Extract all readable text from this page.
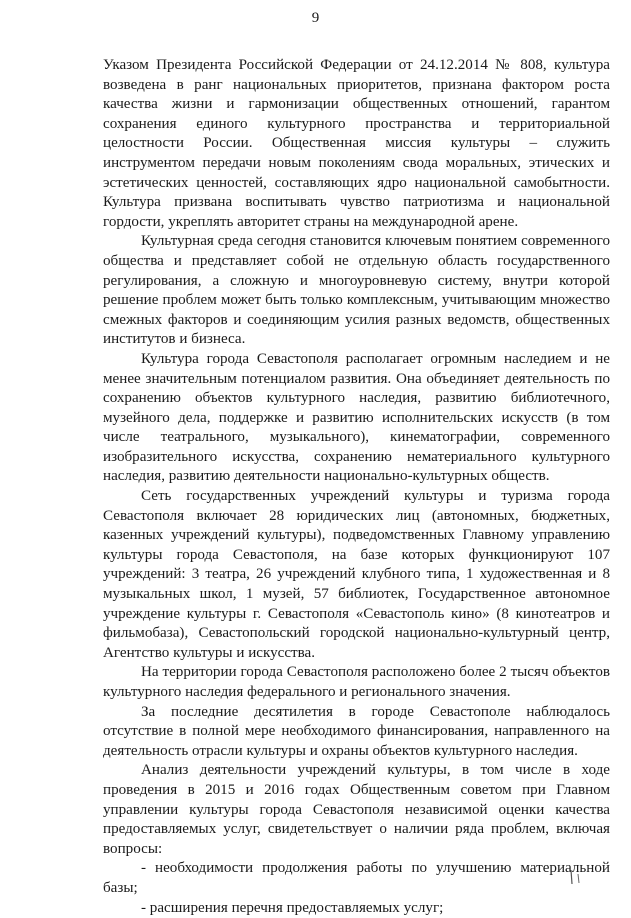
9

Указом Президента Российской Федерации от 24.12.2014 № 808, культура возведена в ранг национальных приоритетов, признана фактором роста качества жизни и гармонизации общественных отношений, гарантом сохранения единого культурного пространства и территориальной целостности России. Общественная миссия культуры – служить инструментом передачи новым поколениям свода моральных, этических и эстетических ценностей, составляющих ядро национальной самобытности. Культура призвана воспитывать чувство патриотизма и национальной гордости, укреплять авторитет страны на международной арене.

Культурная среда сегодня становится ключевым понятием современного общества и представляет собой не отдельную область государственного регулирования, а сложную и многоуровневую систему, внутри которой решение проблем может быть только комплексным, учитывающим множество смежных факторов и соединяющим усилия разных ведомств, общественных институтов и бизнеса.

Культура города Севастополя располагает огромным наследием и не менее значительным потенциалом развития. Она объединяет деятельность по сохранению объектов культурного наследия, развитию библиотечного, музейного дела, поддержке и развитию исполнительских искусств (в том числе театрального, музыкального), кинематографии, современного изобразительного искусства, сохранению нематериального культурного наследия, развитию деятельности национально-культурных обществ.

Сеть государственных учреждений культуры и туризма города Севастополя включает 28 юридических лиц (автономных, бюджетных, казенных учреждений культуры), подведомственных Главному управлению культуры города Севастополя, на базе которых функционируют 107 учреждений: 3 театра, 26 учреждений клубного типа, 1 художественная и 8 музыкальных школ, 1 музей, 57 библиотек, Государственное автономное учреждение культуры г. Севастополя «Севастополь кино» (8 кинотеатров и фильмобаза), Севастопольский городской национально-культурный центр, Агентство культуры и искусства.

На территории города Севастополя расположено более 2 тысяч объектов культурного наследия федерального и регионального значения.

За последние десятилетия в городе Севастополе наблюдалось отсутствие в полной мере необходимого финансирования, направленного на деятельность отрасли культуры и охраны объектов культурного наследия.

Анализ деятельности учреждений культуры, в том числе в ходе проведения в 2015 и 2016 годах Общественным советом при Главном управлении культуры города Севастополя независимой оценки качества предоставляемых услуг, свидетельствует о наличии ряда проблем, включая вопросы:

- необходимости продолжения работы по улучшению материальной базы;

- расширения перечня предоставляемых услуг;
